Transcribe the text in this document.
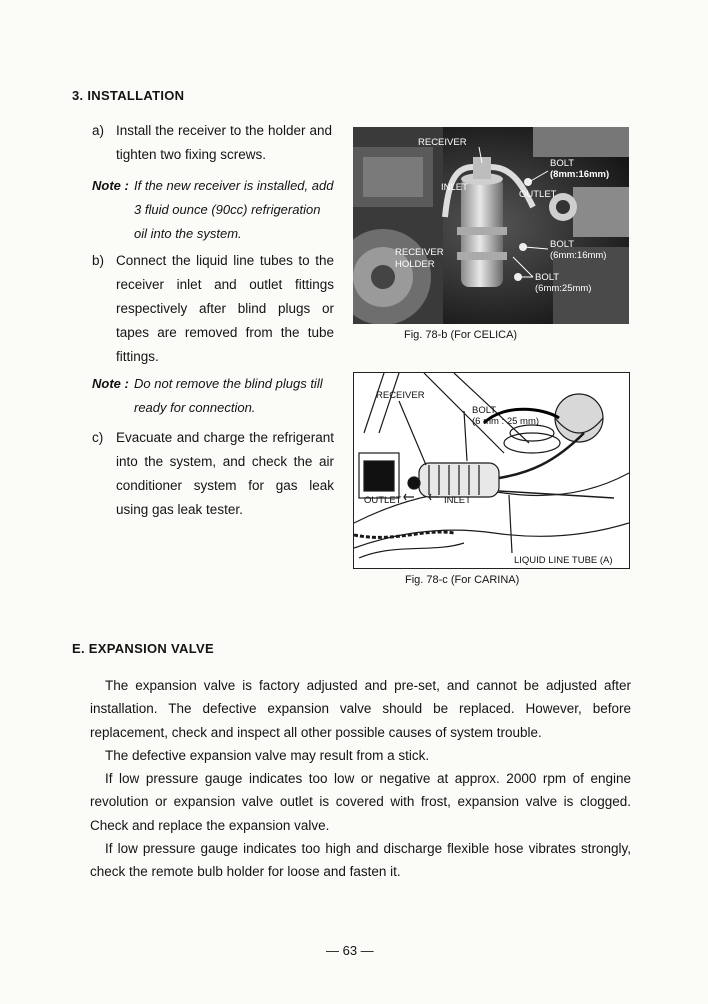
3. INSTALLATION
a) Install the receiver to the holder and tighten two fixing screws.
Note : If the new receiver is installed, add 3 fluid ounce (90cc) refrigeration oil into the system.
b) Connect the liquid line tubes to the receiver inlet and outlet fittings respectively after blind plugs or tapes are removed from the tube fittings.
Note : Do not remove the blind plugs till ready for connection.
c) Evacuate and charge the refrigerant into the system, and check the air conditioner system for gas leak using gas leak tester.
RECEIVER
INLET
OUTLET
RECEIVER
HOLDER
BOLT
(8mm:16mm)
BOLT
(6mm:16mm)
BOLT
(6mm:25mm)
Fig. 78-b (For CELICA)
RECEIVER
BOLT
(6 mm : 25 mm)
OUTLET	INLET
LIQUID LINE TUBE (A)
Fig. 78-c (For CARINA)
E. EXPANSION VALVE

The expansion valve is factory adjusted and pre-set, and cannot be adjusted after installation. The defective expansion valve should be replaced. However, before replacement, check and inspect all other possible causes of system trouble.

The defective expansion valve may result from a stick.

If low pressure gauge indicates too low or negative at approx. 2000 rpm of engine revolution or expansion valve outlet is covered with frost, expansion valve is clogged. Check and replace the expansion valve.

If low pressure gauge indicates too high and discharge flexible hose vibrates strongly, check the remote bulb holder for loose and fasten it.

— 63 —
